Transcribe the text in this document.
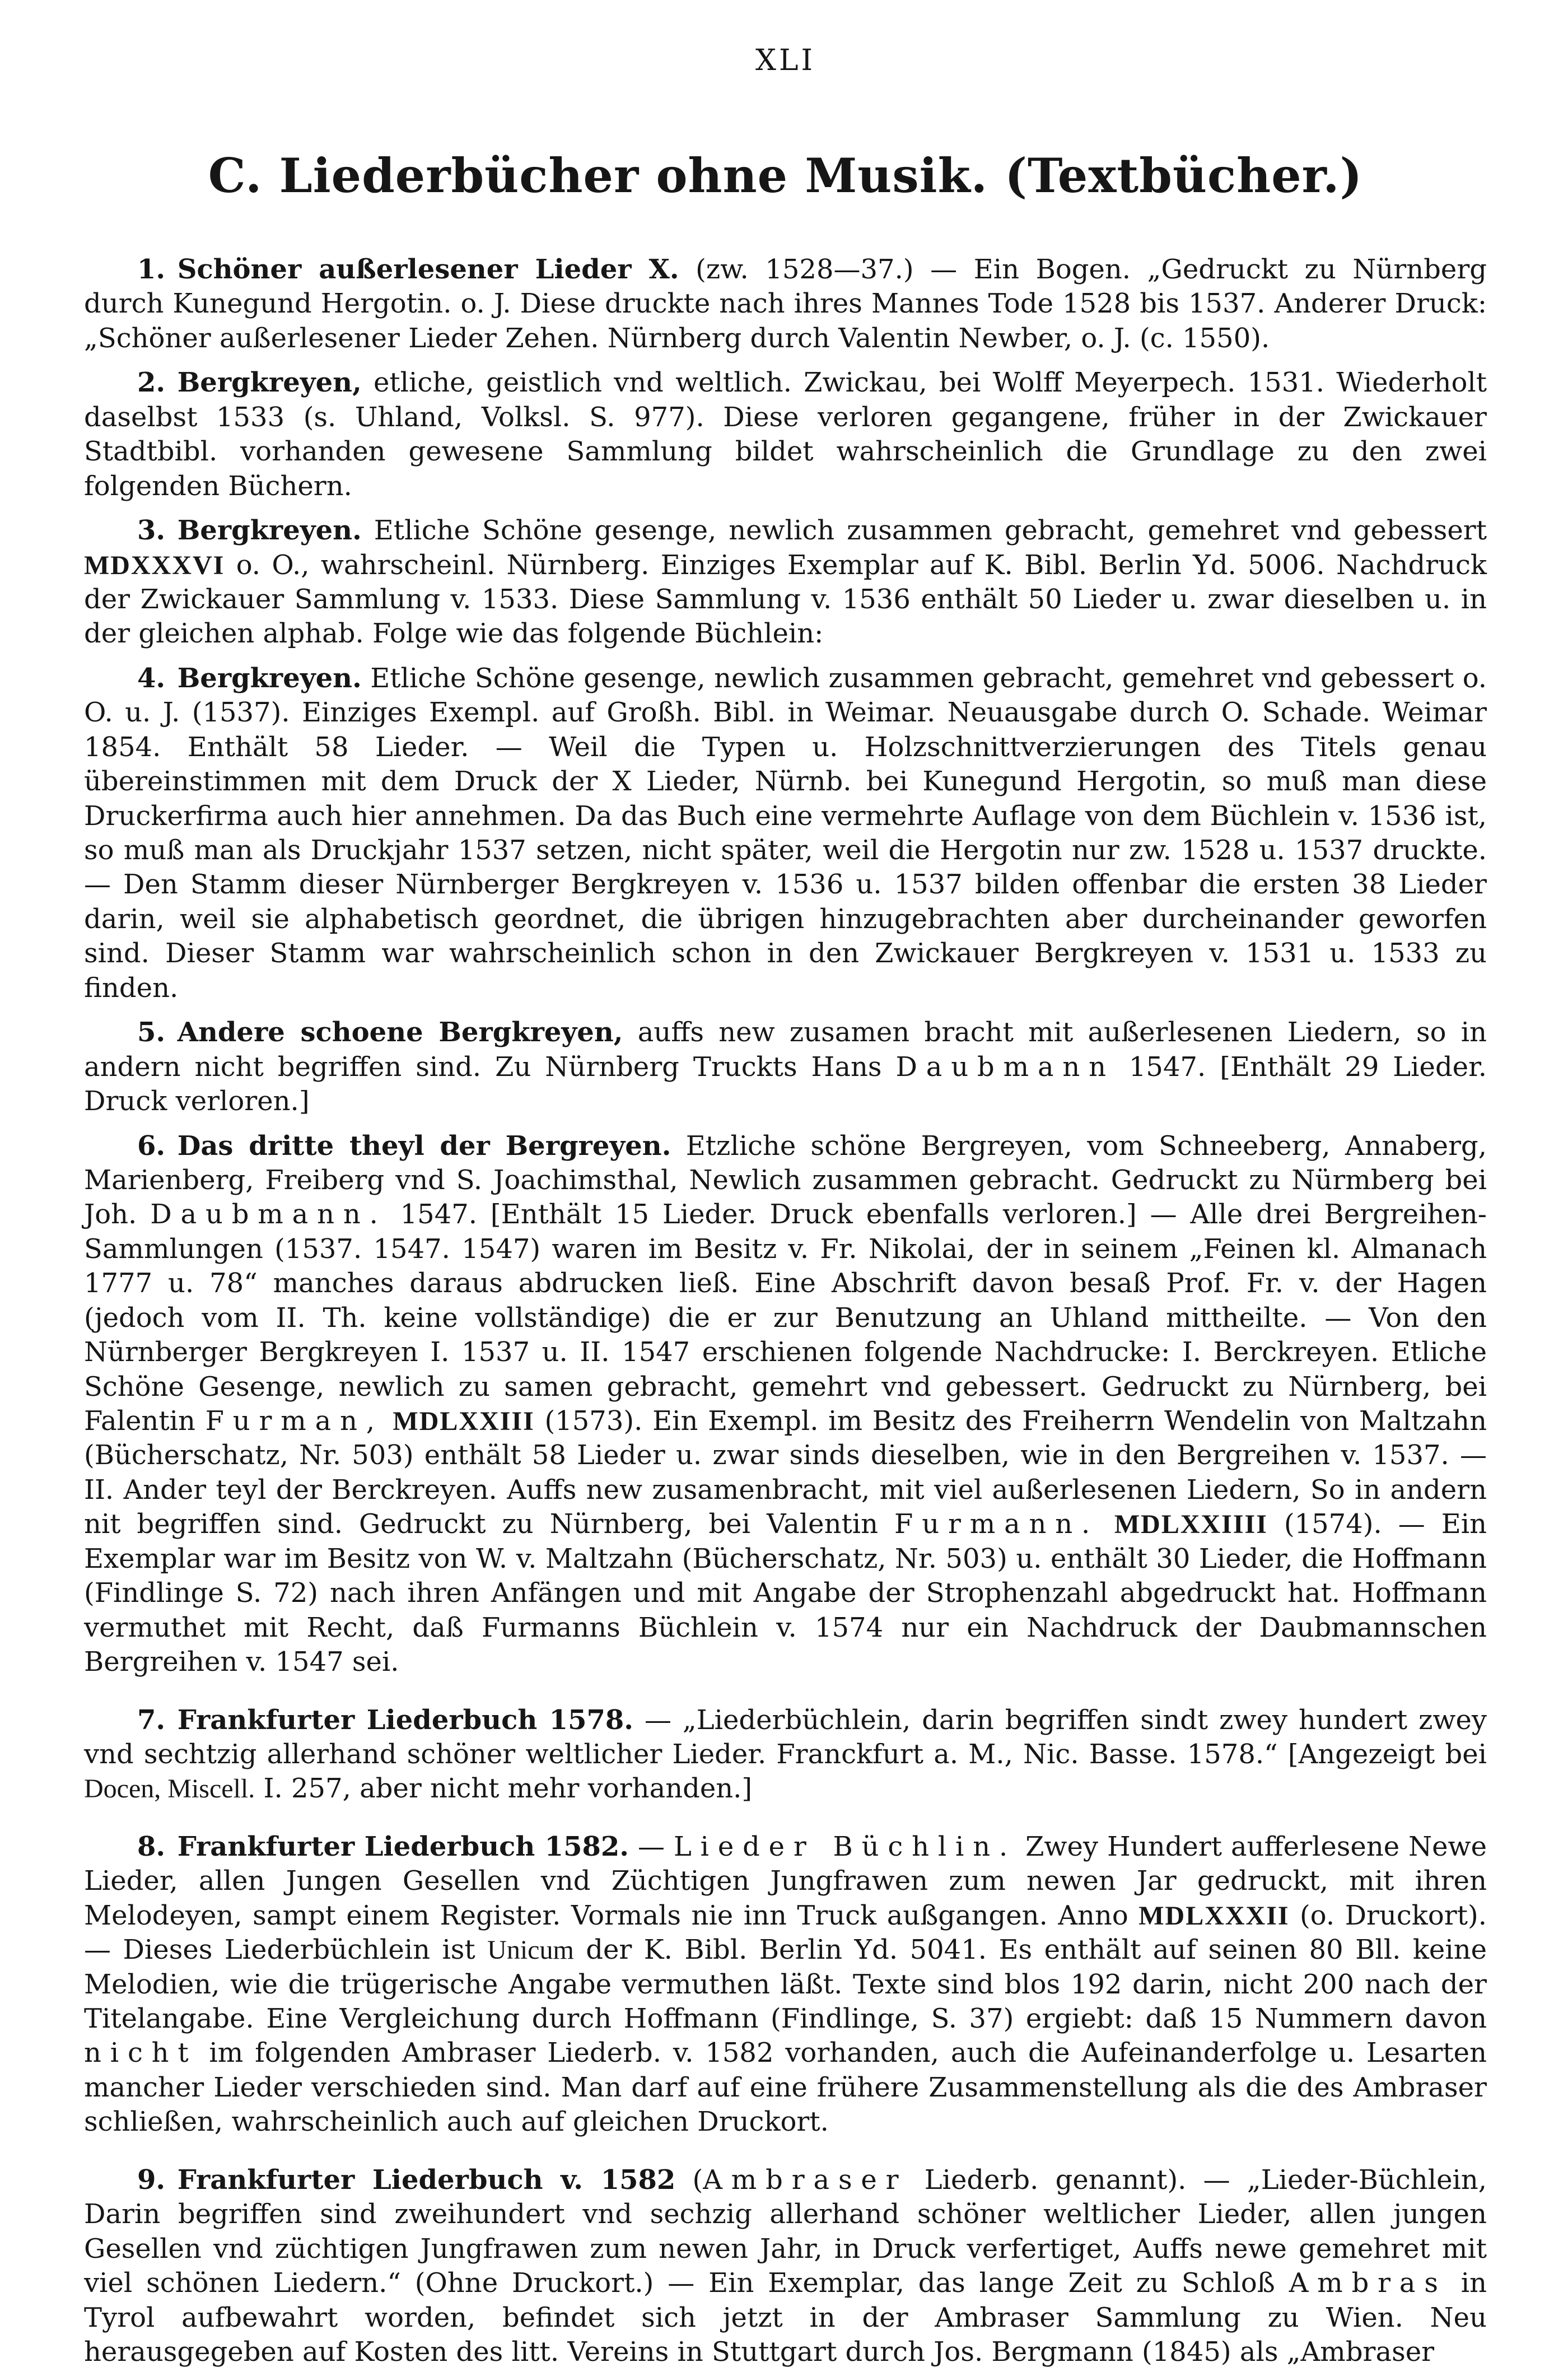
XLI
C. Liederbücher ohne Musik. (Textbücher.)

1. Schöner außerlesener Lieder X. (zw. 1528—37.) — Ein Bogen. „Gedruckt zu Nürnberg durch Kunegund Hergotin. o. J. Diese druckte nach ihres Mannes Tode 1528 bis 1537. Anderer Druck: „Schöner außerlesener Lieder Zehen. Nürnberg durch Valentin Newber, o. J. (c. 1550).

2. Bergkreyen, etliche, geistlich vnd weltlich. Zwickau, bei Wolff Meyerpech. 1531. Wiederholt daselbst 1533 (s. Uhland, Volksl. S. 977). Diese verloren gegangene, früher in der Zwickauer Stadtbibl. vorhanden gewesene Sammlung bildet wahrscheinlich die Grundlage zu den zwei folgenden Büchern.

3. Bergkreyen. Etliche Schöne gesenge, newlich zusammen gebracht, gemehret vnd gebessert MDXXXVI o. O., wahrscheinl. Nürnberg. Einziges Exemplar auf K. Bibl. Berlin Yd. 5006. Nachdruck der Zwickauer Sammlung v. 1533. Diese Sammlung v. 1536 enthält 50 Lieder u. zwar dieselben u. in der gleichen alphab. Folge wie das folgende Büchlein:

4. Bergkreyen. Etliche Schöne gesenge, newlich zusammen gebracht, gemehret vnd gebessert o. O. u. J. (1537). Einziges Exempl. auf Großh. Bibl. in Weimar. Neuausgabe durch O. Schade. Weimar 1854. Enthält 58 Lieder. — Weil die Typen u. Holzschnittverzierungen des Titels genau übereinstimmen mit dem Druck der X Lieder, Nürnb. bei Kunegund Hergotin, so muß man diese Druckerfirma auch hier annehmen. Da das Buch eine vermehrte Auflage von dem Büchlein v. 1536 ist, so muß man als Druckjahr 1537 setzen, nicht später, weil die Hergotin nur zw. 1528 u. 1537 druckte. — Den Stamm dieser Nürnberger Bergkreyen v. 1536 u. 1537 bilden offenbar die ersten 38 Lieder darin, weil sie alphabetisch geordnet, die übrigen hinzugebrachten aber durcheinander geworfen sind. Dieser Stamm war wahrscheinlich schon in den Zwickauer Bergkreyen v. 1531 u. 1533 zu finden.

5. Andere schoene Bergkreyen, auffs new zusamen bracht mit außerlesenen Liedern, so in andern nicht begriffen sind. Zu Nürnberg Truckts Hans Daubmann 1547. [Enthält 29 Lieder. Druck verloren.]

6. Das dritte theyl der Bergreyen. Etzliche schöne Bergreyen, vom Schneeberg, Annaberg, Marienberg, Freiberg vnd S. Joachimsthal, Newlich zusammen gebracht. Gedruckt zu Nürmberg bei Joh. Daubmann. 1547. [Enthält 15 Lieder. Druck ebenfalls verloren.] — Alle drei Bergreihen-Sammlungen (1537. 1547. 1547) waren im Besitz v. Fr. Nikolai, der in seinem „Feinen kl. Almanach 1777 u. 78“ manches daraus abdrucken ließ. Eine Abschrift davon besaß Prof. Fr. v. der Hagen (jedoch vom II. Th. keine vollständige) die er zur Benutzung an Uhland mittheilte. — Von den Nürnberger Bergkreyen I. 1537 u. II. 1547 erschienen folgende Nachdrucke: I. Berckreyen. Etliche Schöne Gesenge, newlich zu samen gebracht, gemehrt vnd gebessert. Gedruckt zu Nürnberg, bei Falentin Furman, MDLXXIII (1573). Ein Exempl. im Besitz des Freiherrn Wendelin von Maltzahn (Bücherschatz, Nr. 503) enthält 58 Lieder u. zwar sinds dieselben, wie in den Bergreihen v. 1537. — II. Ander teyl der Berckreyen. Auffs new zusamenbracht, mit viel außerlesenen Liedern, So in andern nit begriffen sind. Gedruckt zu Nürnberg, bei Valentin Furmann. MDLXXIIII (1574). — Ein Exemplar war im Besitz von W. v. Maltzahn (Bücherschatz, Nr. 503) u. enthält 30 Lieder, die Hoffmann (Findlinge S. 72) nach ihren Anfängen und mit Angabe der Strophenzahl abgedruckt hat. Hoffmann vermuthet mit Recht, daß Furmanns Büchlein v. 1574 nur ein Nachdruck der Daubmannschen Bergreihen v. 1547 sei.

7. Frankfurter Liederbuch 1578. — „Liederbüchlein, darin begriffen sindt zwey hundert zwey vnd sechtzig allerhand schöner weltlicher Lieder. Franckfurt a. M., Nic. Basse. 1578.“ [Angezeigt bei Docen, Miscell. I. 257, aber nicht mehr vorhanden.]

8. Frankfurter Liederbuch 1582. — Lieder Büchlin. Zwey Hundert aufferlesene Newe Lieder, allen Jungen Gesellen vnd Züchtigen Jungfrawen zum newen Jar gedruckt, mit ihren Melodeyen, sampt einem Register. Vormals nie inn Truck außgangen. Anno MDLXXXII (o. Druckort). — Dieses Liederbüchlein ist Unicum der K. Bibl. Berlin Yd. 5041. Es enthält auf seinen 80 Bll. keine Melodien, wie die trügerische Angabe vermuthen läßt. Texte sind blos 192 darin, nicht 200 nach der Titelangabe. Eine Vergleichung durch Hoffmann (Findlinge, S. 37) ergiebt: daß 15 Nummern davon nicht im folgenden Ambraser Liederb. v. 1582 vorhanden, auch die Aufeinanderfolge u. Lesarten mancher Lieder verschieden sind. Man darf auf eine frühere Zusammenstellung als die des Ambraser schließen, wahrscheinlich auch auf gleichen Druckort.

9. Frankfurter Liederbuch v. 1582 (Ambraser Liederb. genannt). — „Lieder-Büchlein, Darin begriffen sind zweihundert vnd sechzig allerhand schöner weltlicher Lieder, allen jungen Gesellen vnd züchtigen Jungfrawen zum newen Jahr, in Druck verfertiget, Auffs newe gemehret mit viel schönen Liedern.“ (Ohne Druckort.) — Ein Exemplar, das lange Zeit zu Schloß Ambras in Tyrol aufbewahrt worden, befindet sich jetzt in der Ambraser Sammlung zu Wien. Neu herausgegeben auf Kosten des litt. Vereins in Stuttgart durch Jos. Bergmann (1845) als „Ambraser
